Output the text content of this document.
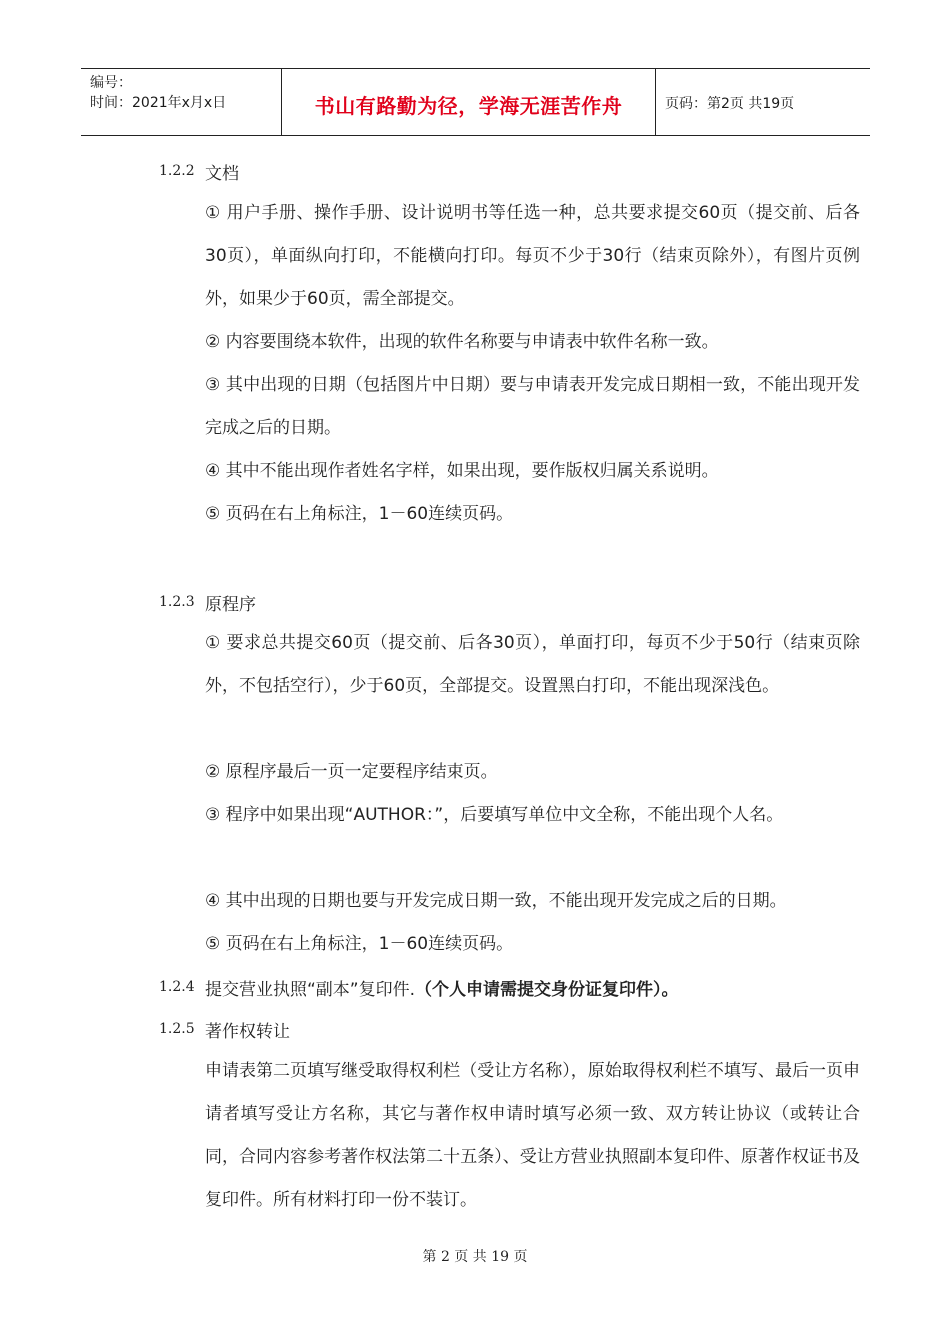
编号：
时间：2021年x月x日	书山有路勤为径，学海无涯苦作舟	页码：第2页 共19页
1.2.2 文档
① 用户手册、操作手册、设计说明书等任选一种，总共要求提交60页（提交前、后各30页），单面纵向打印，不能横向打印。每页不少于30行（结束页除外），有图片页例外，如果少于60页，需全部提交。
② 内容要围绕本软件，出现的软件名称要与申请表中软件名称一致。
③ 其中出现的日期（包括图片中日期）要与申请表开发完成日期相一致，不能出现开发完成之后的日期。
④ 其中不能出现作者姓名字样，如果出现，要作版权归属关系说明。
⑤ 页码在右上角标注，1－60连续页码。
1.2.3 原程序
① 要求总共提交60页（提交前、后各30页），单面打印，每页不少于50行（结束页除外，不包括空行），少于60页，全部提交。设置黑白打印，不能出现深浅色。
② 原程序最后一页一定要程序结束页。
③ 程序中如果出现“AUTHOR：”，后要填写单位中文全称，不能出现个人名。
④ 其中出现的日期也要与开发完成日期一致，不能出现开发完成之后的日期。
⑤ 页码在右上角标注，1－60连续页码。
1.2.4 提交营业执照“副本”复印件. （个人申请需提交身份证复印件）。
1.2.5 著作权转让
申请表第二页填写继受取得权利栏（受让方名称），原始取得权利栏不填写、最后一页申请者填写受让方名称，其它与著作权申请时填写必须一致、双方转让协议（或转让合同，合同内容参考著作权法第二十五条）、受让方营业执照副本复印件、原著作权证书及复印件。所有材料打印一份不装订。
第 2 页 共 19 页
